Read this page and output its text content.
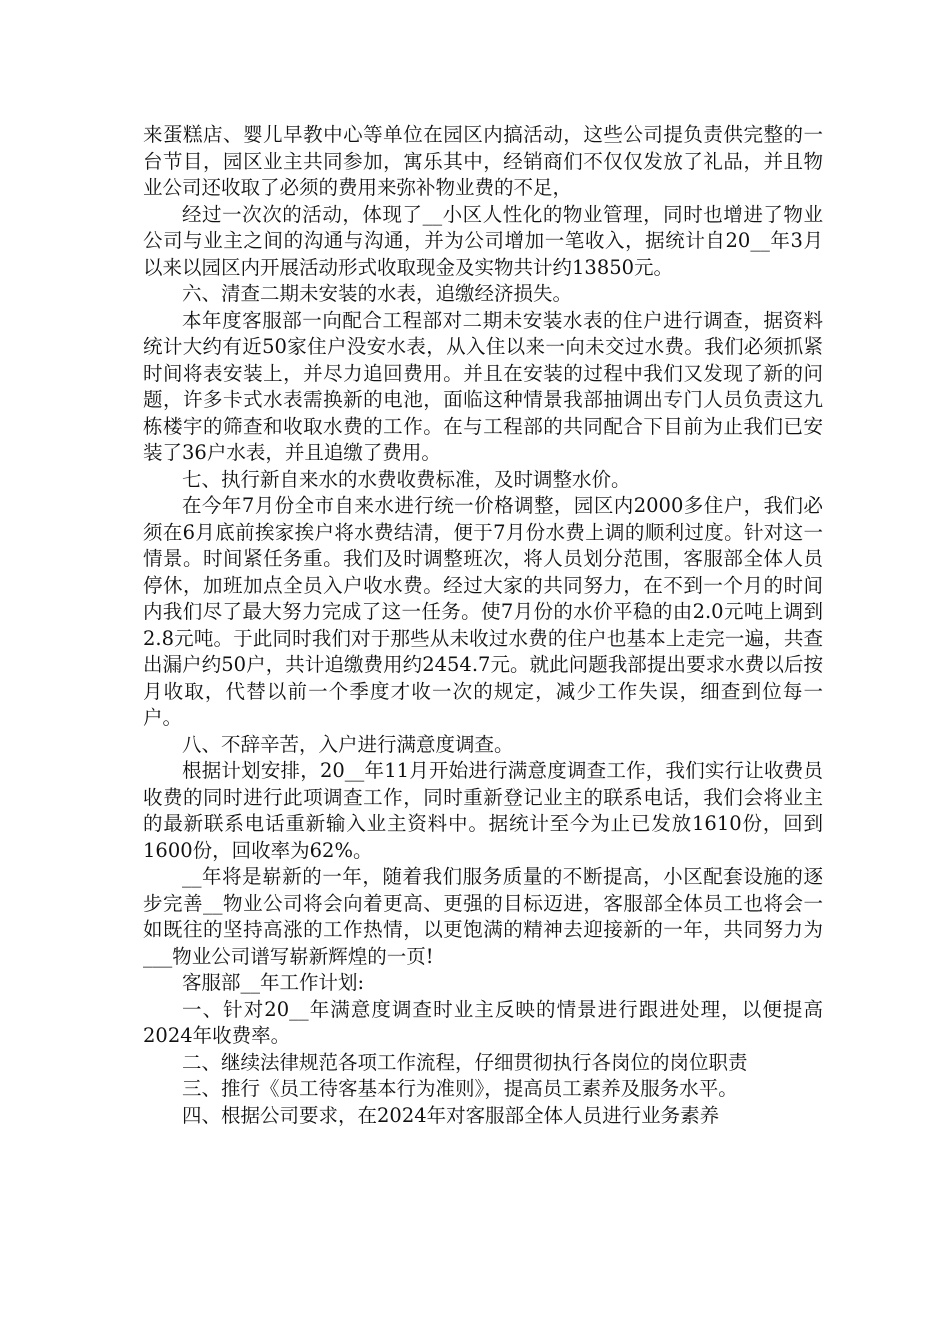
来蛋糕店、婴儿早教中心等单位在园区内搞活动，这些公司提负责供完整的一台节目，园区业主共同参加，寓乐其中，经销商们不仅仅发放了礼品，并且物业公司还收取了必须的费用来弥补物业费的不足，

经过一次次的活动，体现了__小区人性化的物业管理，同时也增进了物业公司与业主之间的沟通与沟通，并为公司增加一笔收入，据统计自20__年3月以来以园区内开展活动形式收取现金及实物共计约13850元。

六、清查二期未安装的水表，追缴经济损失。

本年度客服部一向配合工程部对二期未安装水表的住户进行调查，据资料统计大约有近50家住户没安水表，从入住以来一向未交过水费。我们必须抓紧时间将表安装上，并尽力追回费用。并且在安装的过程中我们又发现了新的问题，许多卡式水表需换新的电池，面临这种情景我部抽调出专门人员负责这九栋楼宇的筛查和收取水费的工作。在与工程部的共同配合下目前为止我们已安装了36户水表，并且追缴了费用。

七、执行新自来水的水费收费标准，及时调整水价。

在今年7月份全市自来水进行统一价格调整，园区内2000多住户，我们必须在6月底前挨家挨户将水费结清，便于7月份水费上调的顺利过度。针对这一情景。时间紧任务重。我们及时调整班次，将人员划分范围，客服部全体人员停休，加班加点全员入户收水费。经过大家的共同努力，在不到一个月的时间内我们尽了最大努力完成了这一任务。使7月份的水价平稳的由2.0元吨上调到2.8元吨。于此同时我们对于那些从未收过水费的住户也基本上走完一遍，共查出漏户约50户，共计追缴费用约2454.7元。就此问题我部提出要求水费以后按月收取，代替以前一个季度才收一次的规定，减少工作失误，细查到位每一户。

八、不辞辛苦，入户进行满意度调查。

根据计划安排，20__年11月开始进行满意度调查工作，我们实行让收费员收费的同时进行此项调查工作，同时重新登记业主的联系电话，我们会将业主的最新联系电话重新输入业主资料中。据统计至今为止已发放1610份，回到1600份，回收率为62%。

__年将是崭新的一年，随着我们服务质量的不断提高，小区配套设施的逐步完善__物业公司将会向着更高、更强的目标迈进，客服部全体员工也将会一如既往的坚持高涨的工作热情，以更饱满的精神去迎接新的一年，共同努力为___物业公司谱写崭新辉煌的一页!

客服部__年工作计划:

一、针对20__年满意度调查时业主反映的情景进行跟进处理，以便提高2024年收费率。

二、继续法律规范各项工作流程，仔细贯彻执行各岗位的岗位职责

三、推行《员工待客基本行为准则》，提高员工素养及服务水平。

四、根据公司要求，在2024年对客服部全体人员进行业务素养
